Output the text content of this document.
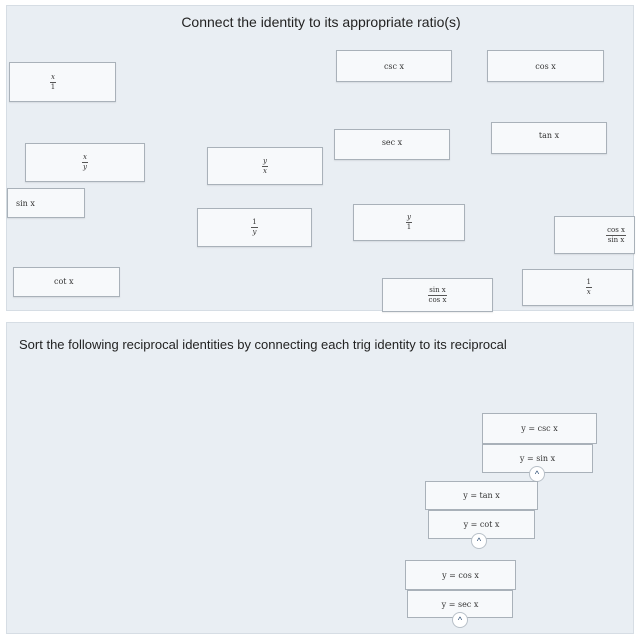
Connect the identity to its appropriate ratio(s)
$\frac{x}{1}$
csc x	cos x
$\frac{x}{y}$	$\frac{y}{x}$
sec x
tan x
sin x
$\frac{1}{y}$	$\frac{y}{1}$
$\frac{\text{cos x}}{\text{sin x}}$
cot x
$\frac{\text{sin x}}{\text{cos x}}$	$\frac{1}{x}$
Sort the following reciprocal identities by connecting each trig identity to its reciprocal
y = csc x
y = sin x
^
y = tan x
y = cot x
^
y = cos x
y = sec x
^
